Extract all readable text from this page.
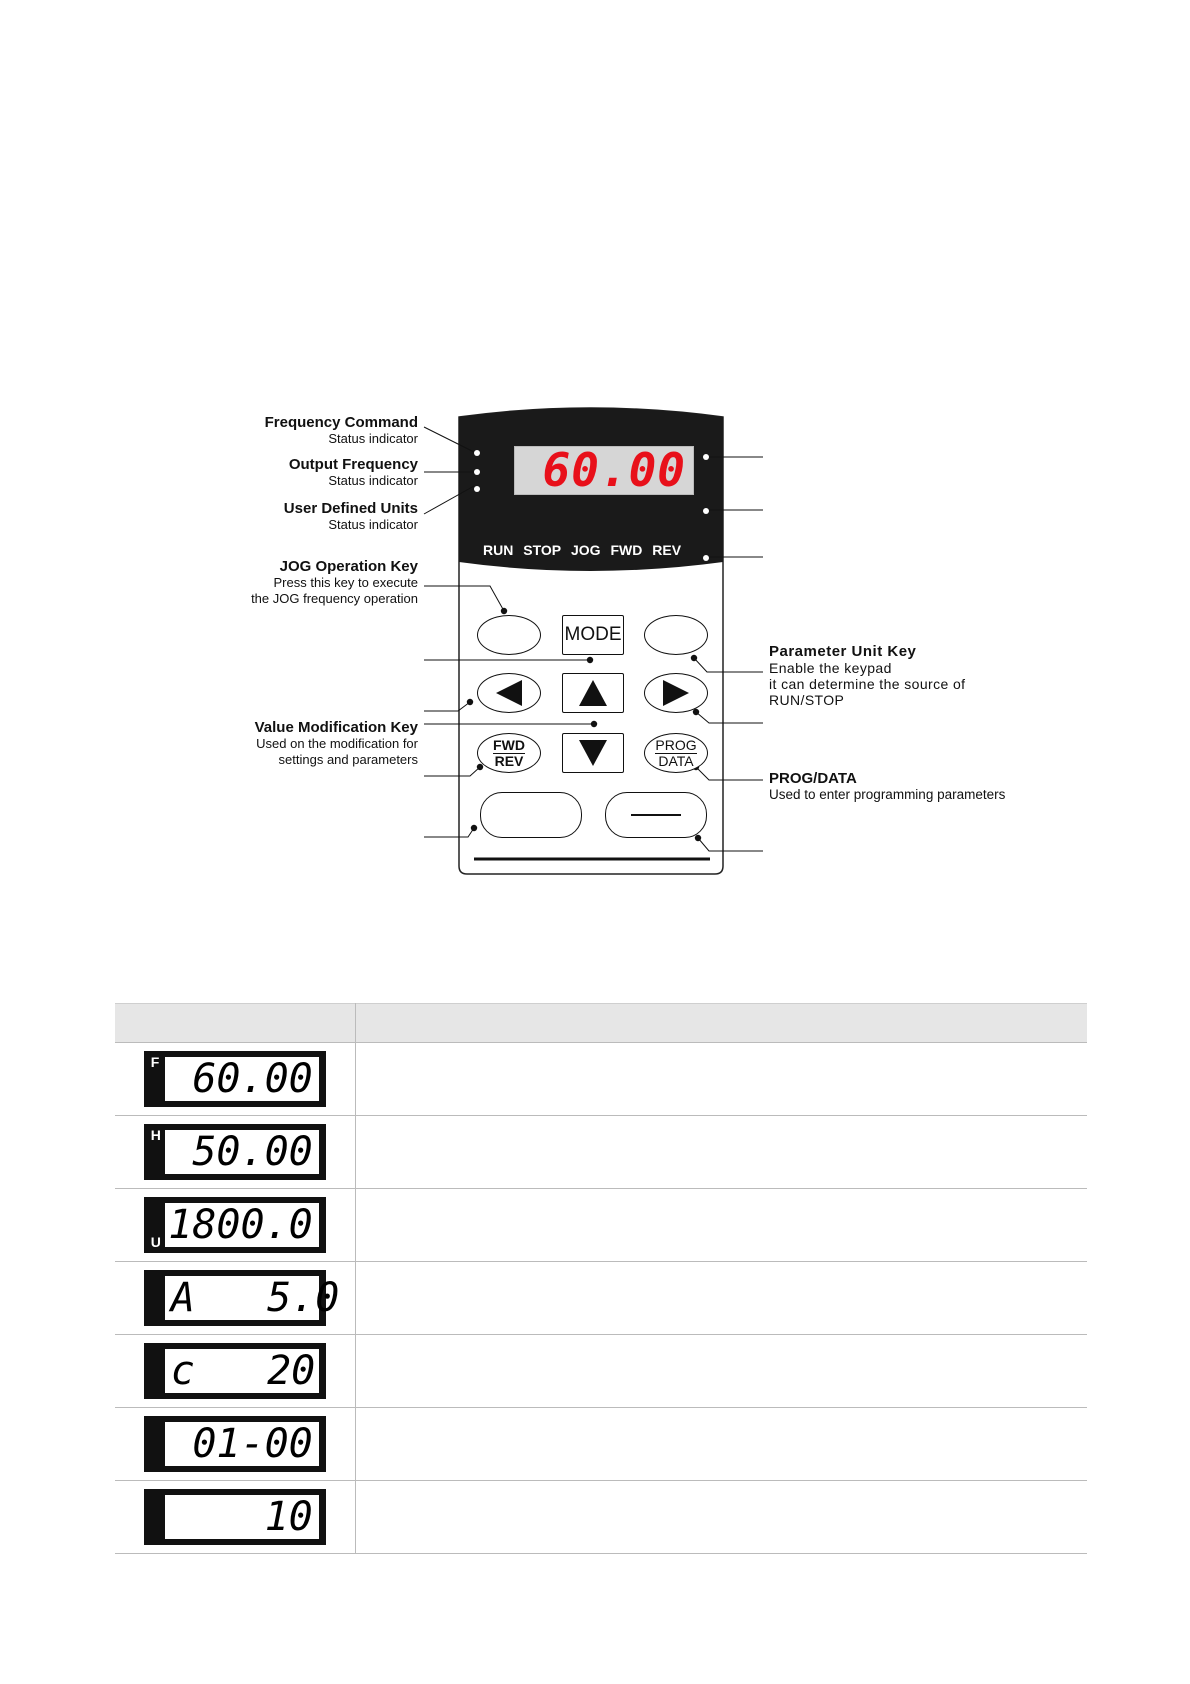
60.00
RUN STOP JOG FWD REV
MODE
FWD
REV
PROG
DATA
Frequency Command
Status indicator
Output Frequency
Status indicator
User Defined Units
Status indicator
JOG Operation Key
Press this key to execute
the JOG frequency operation
Value Modification Key
Used on the modification for
settings and parameters
Parameter Unit Key
Enable the keypad
it can determine the source of
RUN/STOP
PROG/DATA
Used to enter programming parameters

F 60.00	

H 50.00	

U 1800.0	

A   5.0	

c   20	

01-00	

10	
